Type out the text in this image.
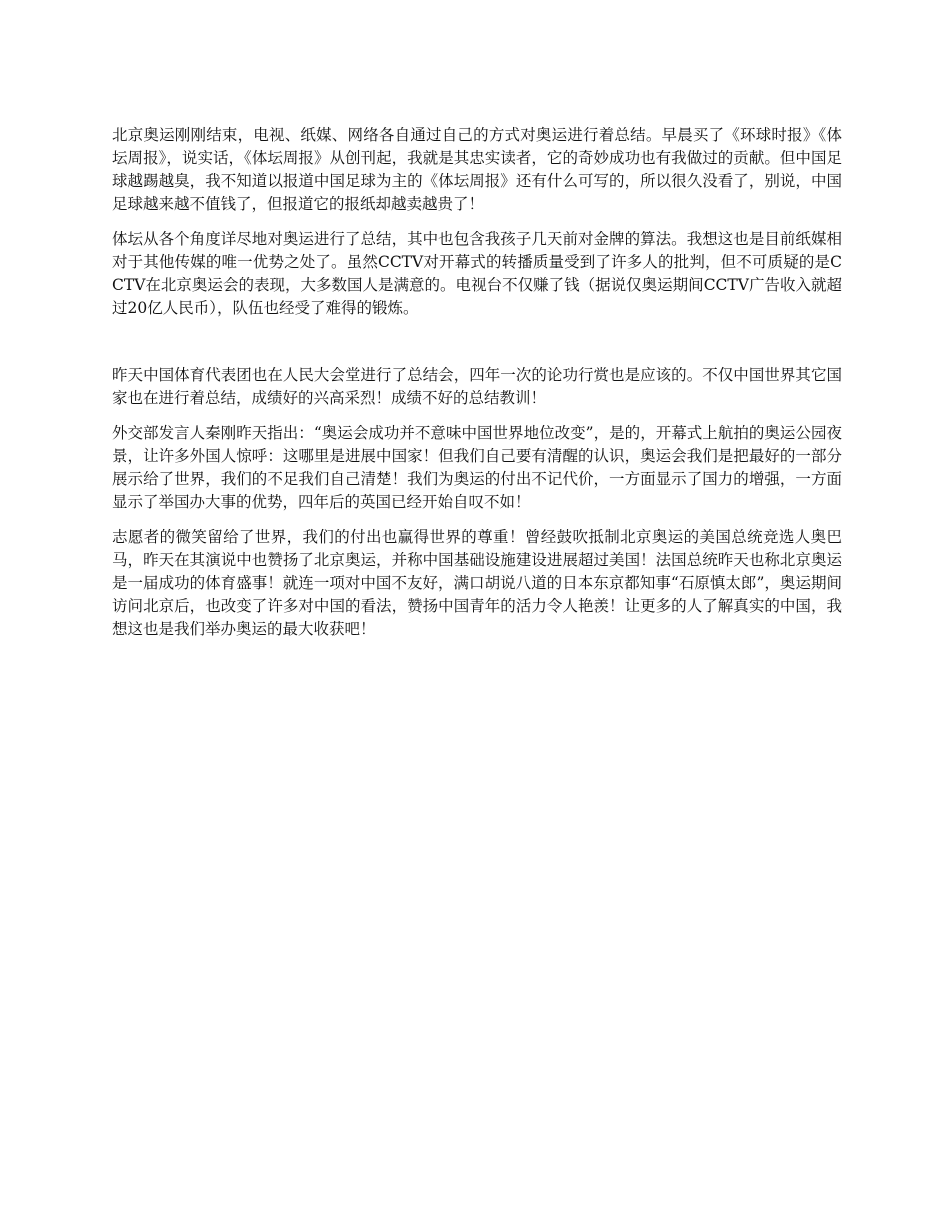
北京奥运刚刚结束，电视、纸媒、网络各自通过自己的方式对奥运进行着总结。早晨买了《环球时报》《体坛周报》，说实话，《体坛周报》从创刊起，我就是其忠实读者，它的奇妙成功也有我做过的贡献。但中国足球越踢越臭，我不知道以报道中国足球为主的《体坛周报》还有什么可写的，所以很久没看了，别说，中国足球越来越不值钱了，但报道它的报纸却越卖越贵了！

体坛从各个角度详尽地对奥运进行了总结，其中也包含我孩子几天前对金牌的算法。我想这也是目前纸媒相对于其他传媒的唯一优势之处了。虽然CCTV对开幕式的转播质量受到了许多人的批判，但不可质疑的是CCTV在北京奥运会的表现，大多数国人是满意的。电视台不仅赚了钱（据说仅奥运期间CCTV广告收入就超过20亿人民币），队伍也经受了难得的锻炼。

昨天中国体育代表团也在人民大会堂进行了总结会，四年一次的论功行赏也是应该的。不仅中国世界其它国家也在进行着总结，成绩好的兴高采烈！成绩不好的总结教训！

外交部发言人秦刚昨天指出：“奥运会成功并不意味中国世界地位改变”，是的，开幕式上航拍的奥运公园夜景，让许多外国人惊呼：这哪里是进展中国家！但我们自己要有清醒的认识，奥运会我们是把最好的一部分展示给了世界，我们的不足我们自己清楚！我们为奥运的付出不记代价，一方面显示了国力的增强，一方面显示了举国办大事的优势，四年后的英国已经开始自叹不如！

志愿者的微笑留给了世界，我们的付出也赢得世界的尊重！曾经鼓吹抵制北京奥运的美国总统竞选人奥巴马，昨天在其演说中也赞扬了北京奥运，并称中国基础设施建设进展超过美国！法国总统昨天也称北京奥运是一届成功的体育盛事！就连一项对中国不友好，满口胡说八道的日本东京都知事“石原慎太郎”，奥运期间访问北京后，也改变了许多对中国的看法，赞扬中国青年的活力令人艳羡！让更多的人了解真实的中国，我想这也是我们举办奥运的最大收获吧！
